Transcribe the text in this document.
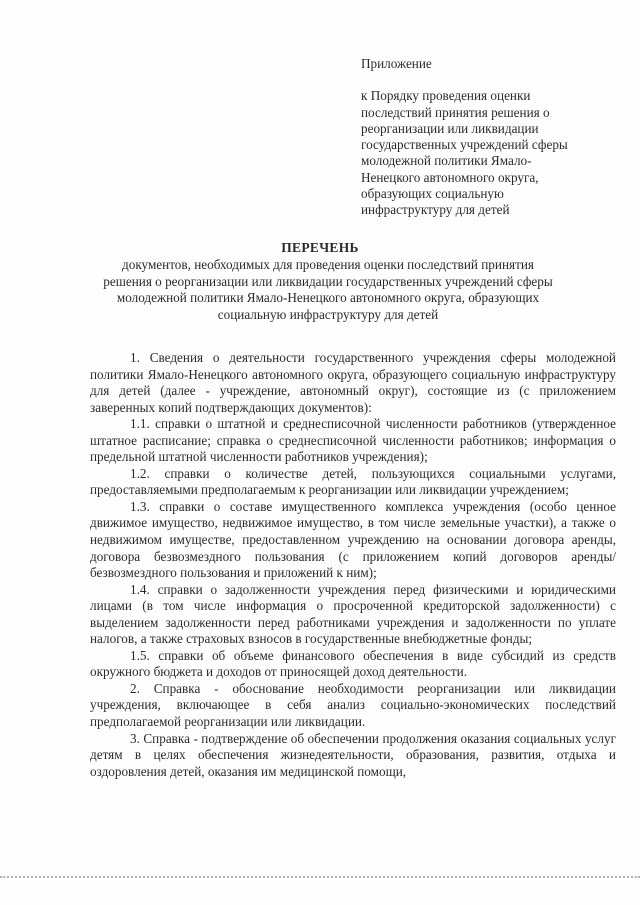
Приложение
к Порядку проведения оценки
последствий принятия решения о
реорганизации или ликвидации
государственных учреждений сферы
молодежной политики Ямало-
Ненецкого автономного округа,
образующих социальную
инфраструктуру для детей
ПЕРЕЧЕНЬ
документов, необходимых для проведения оценки последствий принятия
решения о реорганизации или ликвидации государственных учреждений сферы
молодежной политики Ямало-Ненецкого автономного округа, образующих
социальную инфраструктуру для детей

1. Сведения о деятельности государственного учреждения сферы молодежной политики Ямало-Ненецкого автономного округа, образующего социальную инфраструктуру для детей (далее - учреждение, автономный округ), состоящие из (с приложением заверенных копий подтверждающих документов):

1.1. справки о штатной и среднесписочной численности работников (утвержденное штатное расписание; справка о среднесписочной численности работников; информация о предельной штатной численности работников учреждения);

1.2. справки о количестве детей, пользующихся социальными услугами, предоставляемыми предполагаемым к реорганизации или ликвидации учреждением;

1.3. справки о составе имущественного комплекса учреждения (особо ценное движимое имущество, недвижимое имущество, в том числе земельные участки), а также о недвижимом имуществе, предоставленном учреждению на основании договора аренды, договора безвозмездного пользования (с приложением копий договоров аренды/безвозмездного пользования и приложений к ним);

1.4. справки о задолженности учреждения перед физическими и юридическими лицами (в том числе информация о просроченной кредиторской задолженности) с выделением задолженности перед работниками учреждения и задолженности по уплате налогов, а также страховых взносов в государственные внебюджетные фонды;

1.5. справки об объеме финансового обеспечения в виде субсидий из средств окружного бюджета и доходов от приносящей доход деятельности.

2. Справка - обоснование необходимости реорганизации или ликвидации учреждения, включающее в себя анализ социально-экономических последствий предполагаемой реорганизации или ликвидации.

3. Справка - подтверждение об обеспечении продолжения оказания социальных услуг детям в целях обеспечения жизнедеятельности, образования, развития, отдыха и оздоровления детей, оказания им медицинской помощи,
